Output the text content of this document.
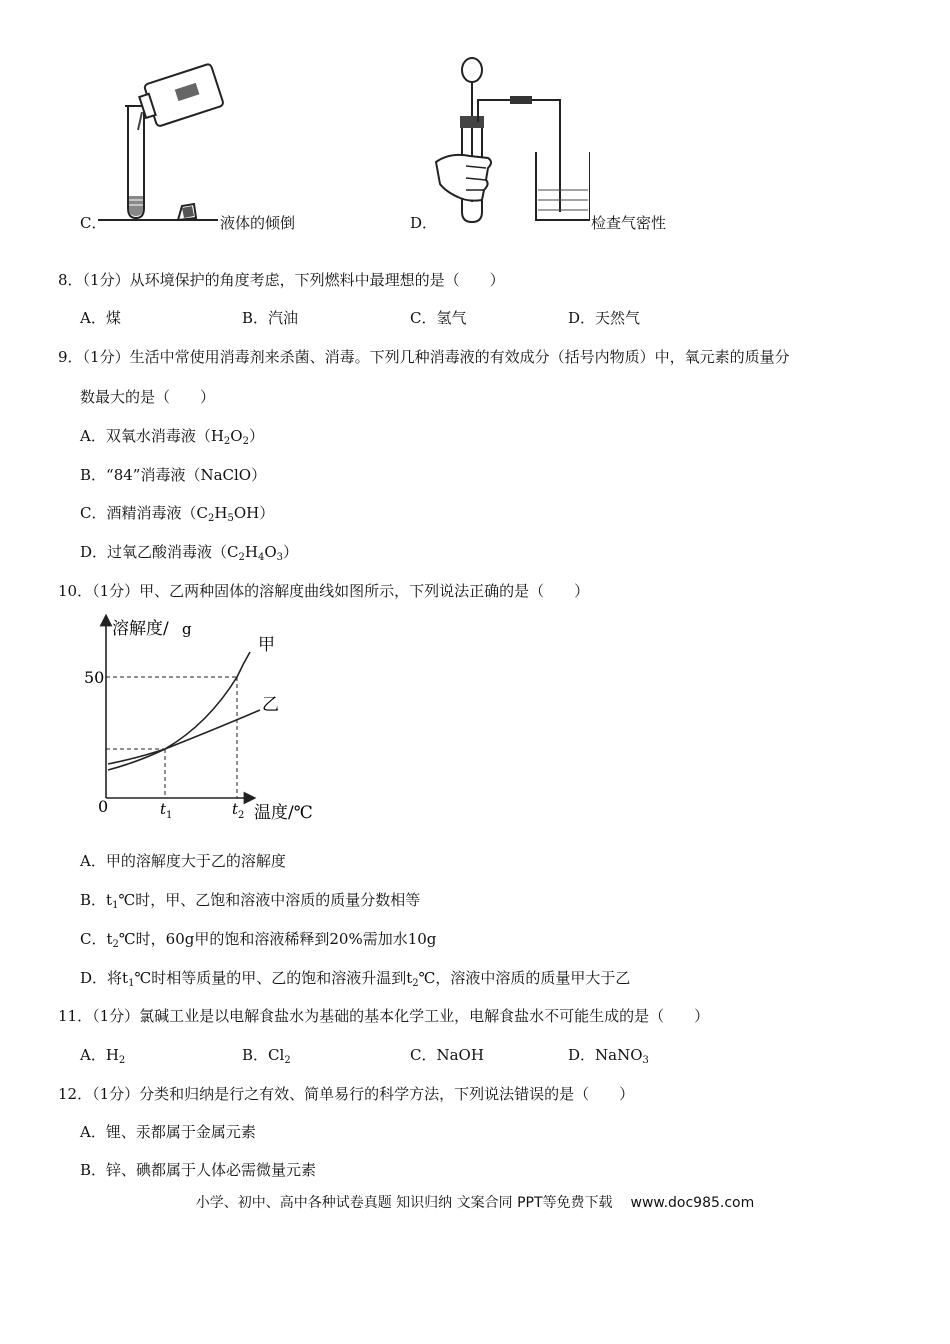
C．	液体的倾倒	D．	检查气密性
8．（1分）从环境保护的角度考虑，下列燃料中最理想的是（　　）
A．煤	B．汽油	C．氢气	D．天然气
9．（1分）生活中常使用消毒剂来杀菌、消毒。下列几种消毒液的有效成分（括号内物质）中，氧元素的质量分
数最大的是（　　）
A．双氧水消毒液$(H_2O_2)$
B．“84”消毒液（NaClO）
C．酒精消毒液$(C_2H_5OH)$
D．过氧乙酸消毒液$(C_2H_4O_3)$
10．（1分）甲、乙两种固体的溶解度曲线如图所示，下列说法正确的是（　　）
溶解度/ g
50
0	$t_1$	$t_2$ 温度/℃
甲
乙
A．甲的溶解度大于乙的溶解度
B．$t_1℃$时，甲、乙饱和溶液中溶质的质量分数相等
C．$t_2℃$时，60g甲的饱和溶液稀释到20%需加水10g
D．将$t_1℃$时相等质量的甲、乙的饱和溶液升温到$t_2℃$，溶液中溶质的质量甲大于乙
11．（1分）氯碱工业是以电解食盐水为基础的基本化学工业，电解食盐水不可能生成的是（　　）
A．$H_2$	B．$Cl_2$	C．NaOH	D．NaNO$_3$
12．（1分）分类和归纳是行之有效、简单易行的科学方法，下列说法错误的是（　　）
A．锂、汞都属于金属元素
B．锌、碘都属于人体必需微量元素
小学、初中、高中各种试卷真题 知识归纳 文案合同 PPT等免费下载 www.doc985.com
